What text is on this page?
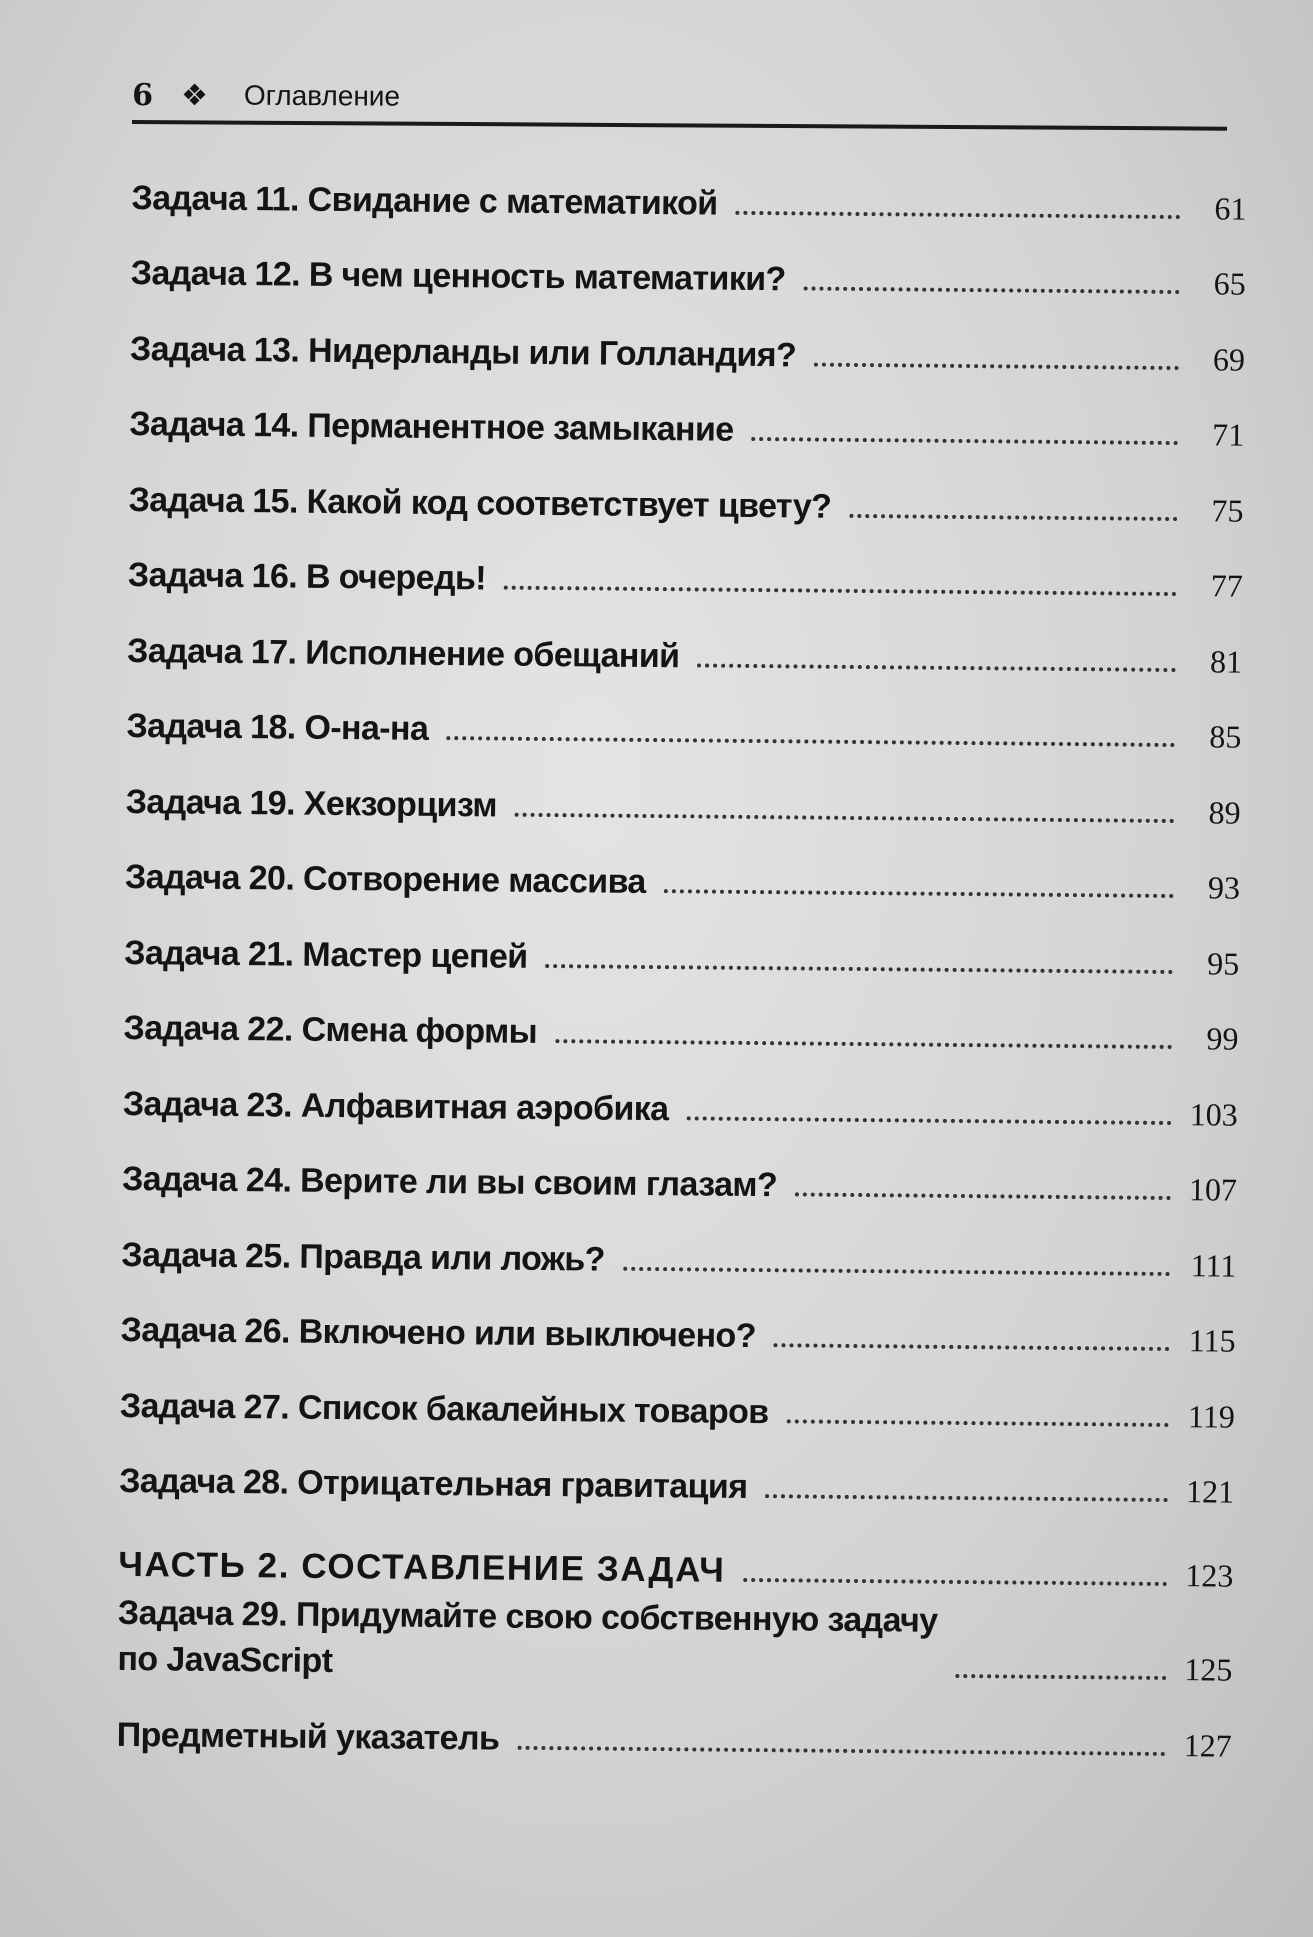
6 ❖ Оглавление
Задача 11. Свидание с математикой	61
Задача 12. В чем ценность математики?	65
Задача 13. Нидерланды или Голландия?	69
Задача 14. Перманентное замыкание	71
Задача 15. Какой код соответствует цвету?	75
Задача 16. В очередь!	77
Задача 17. Исполнение обещаний	81
Задача 18. О-на-на	85
Задача 19. Хекзорцизм	89
Задача 20. Сотворение массива	93
Задача 21. Мастер цепей	95
Задача 22. Смена формы	99
Задача 23. Алфавитная аэробика	103
Задача 24. Верите ли вы своим глазам?	107
Задача 25. Правда или ложь?	111
Задача 26. Включено или выключено?	115
Задача 27. Список бакалейных товаров	119
Задача 28. Отрицательная гравитация	121
ЧАСТЬ 2. СОСТАВЛЕНИЕ ЗАДАЧ	123
Задача 29. Придумайте свою собственную задачу
по JavaScript	125
Предметный указатель	127
